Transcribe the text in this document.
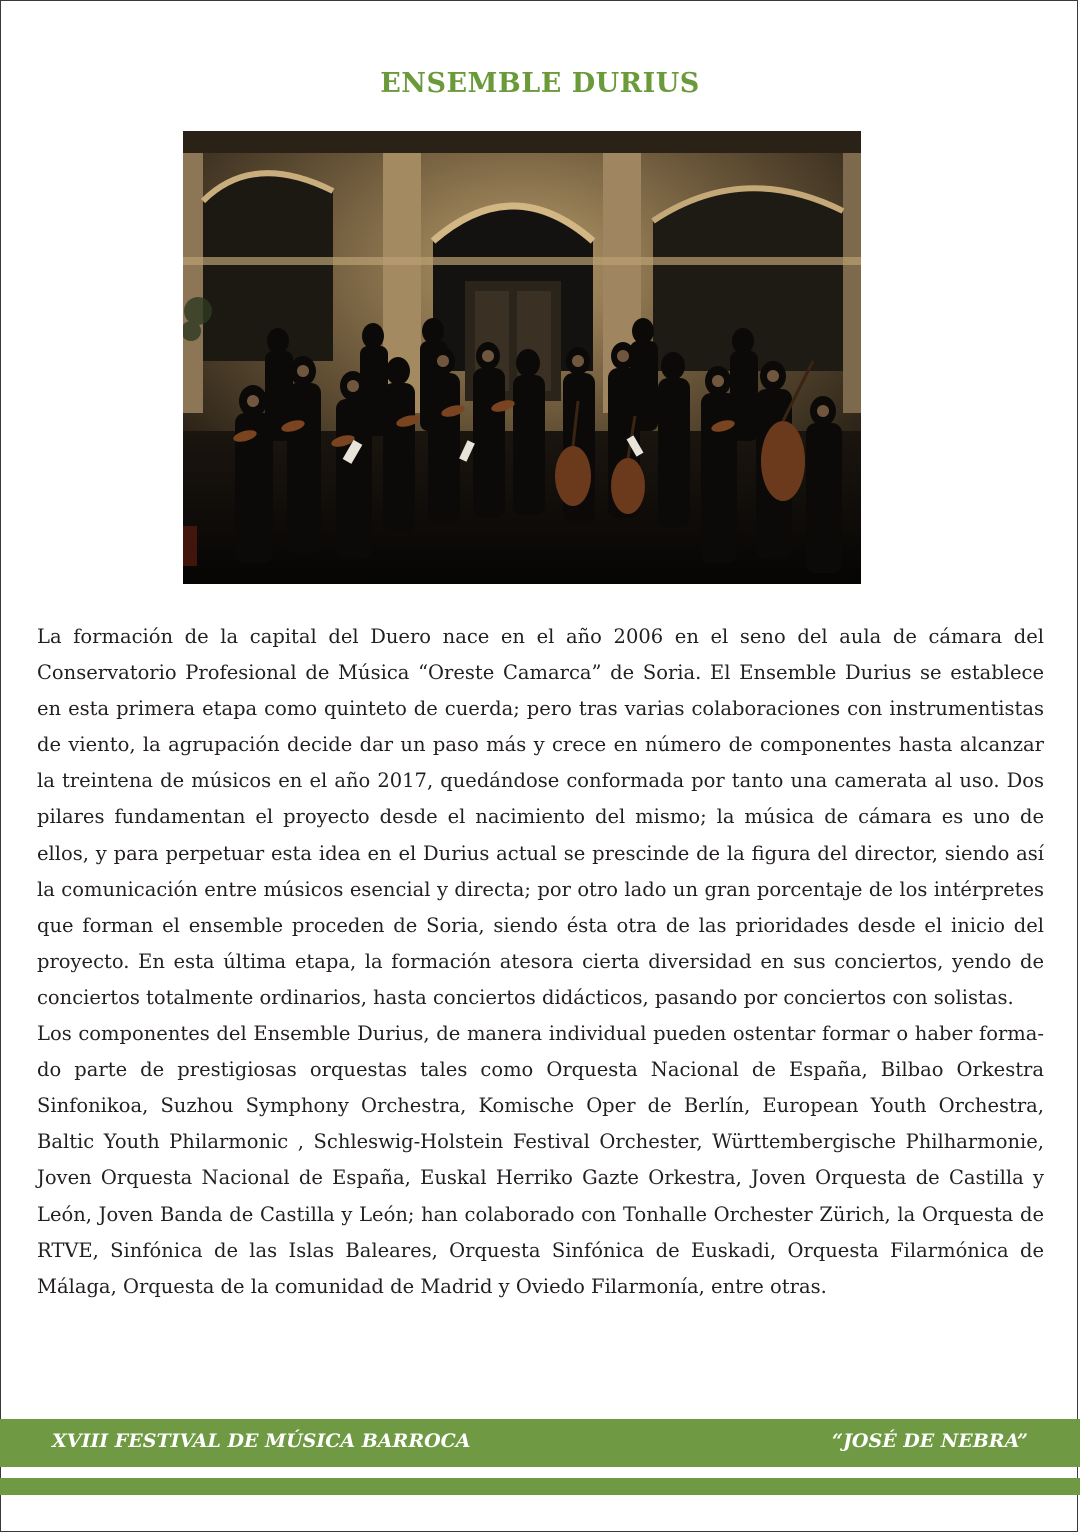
ENSEMBLE DURIUS

La formación de la capital del Duero nace en el año 2006 en el seno del aula de cámara del Conservatorio Profesional de Música “Oreste Camarca” de Soria. El Ensemble Durius se establece en esta primera etapa como quinteto de cuerda; pero tras varias colaboraciones con instrumentistas de viento, la agrupación decide dar un paso más y crece en número de componentes hasta alcanzar la treintena de músicos en el año 2017, quedándose conformada por tanto una camerata al uso. Dos pilares fundamentan el proyecto desde el nacimiento del mismo; la música de cámara es uno de ellos, y para perpetuar esta idea en el Durius actual se prescinde de la figura del director, siendo así la comunicación entre músicos esencial y directa; por otro lado un gran porcentaje de los intérpretes que forman el ensemble proceden de Soria, siendo ésta otra de las prioridades desde el inicio del proyecto. En esta última etapa, la formación atesora cierta diversidad en sus conciertos, yendo de conciertos totalmente ordinarios, hasta conciertos didácticos, pasando por conciertos con solistas.

Los componentes del Ensemble Durius, de manera individual pueden ostentar formar o haber formado parte de prestigiosas orquestas tales como Orquesta Nacional de España, Bilbao Orkestra Sinfonikoa, Suzhou Symphony Orchestra, Komische Oper de Berlín, European Youth Orchestra, Baltic Youth Philarmonic , Schleswig-Holstein Festival Orchester, Württembergische Philharmonie, Joven Orquesta Nacional de España, Euskal Herriko Gazte Orkestra, Joven Orquesta de Castilla y León, Joven Banda de Castilla y León; han colaborado con Tonhalle Orchester Zürich, la Orquesta de RTVE, Sinfónica de las Islas Baleares, Orquesta Sinfónica de Euskadi, Orquesta Filarmónica de Málaga, Orquesta de la comunidad de Madrid y Oviedo Filarmonía, entre otras.

XVIII FESTIVAL DE MÚSICA BARROCA	“JOSÉ DE NEBRA”
